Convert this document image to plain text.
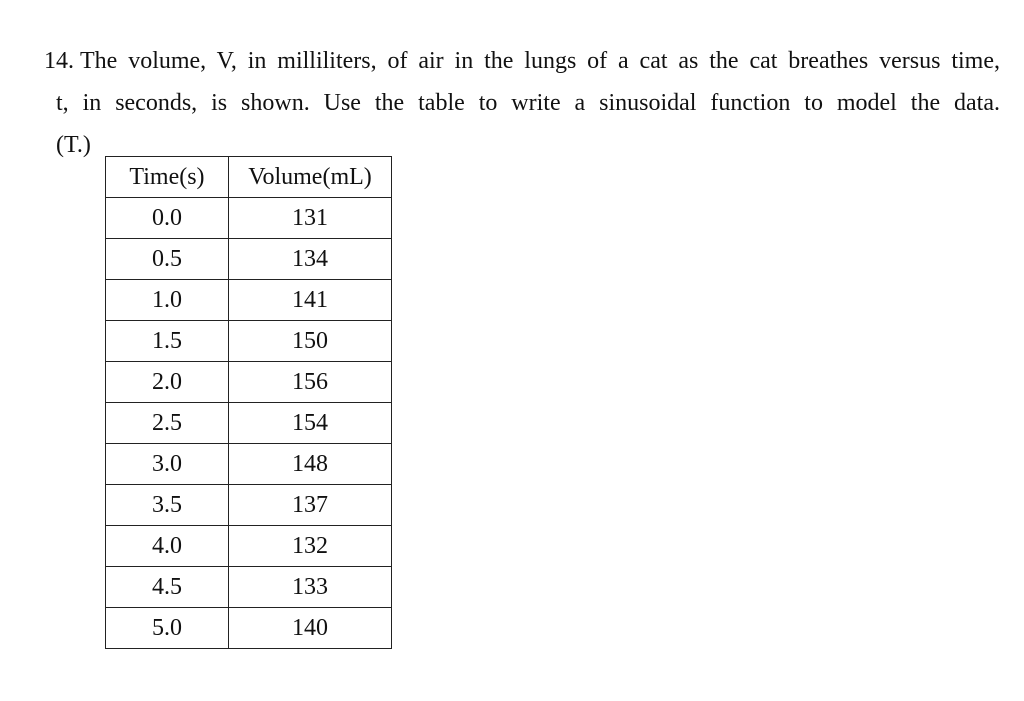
14. The volume, V, in milliliters, of air in the lungs of a cat as the cat breathes versus time,
t, in seconds, is shown. Use the table to write a sinusoidal function to model the data.
(T.)
Time(s)	Volume(mL)
0.0	131
0.5	134
1.0	141
1.5	150
2.0	156
2.5	154
3.0	148
3.5	137
4.0	132
4.5	133
5.0	140
